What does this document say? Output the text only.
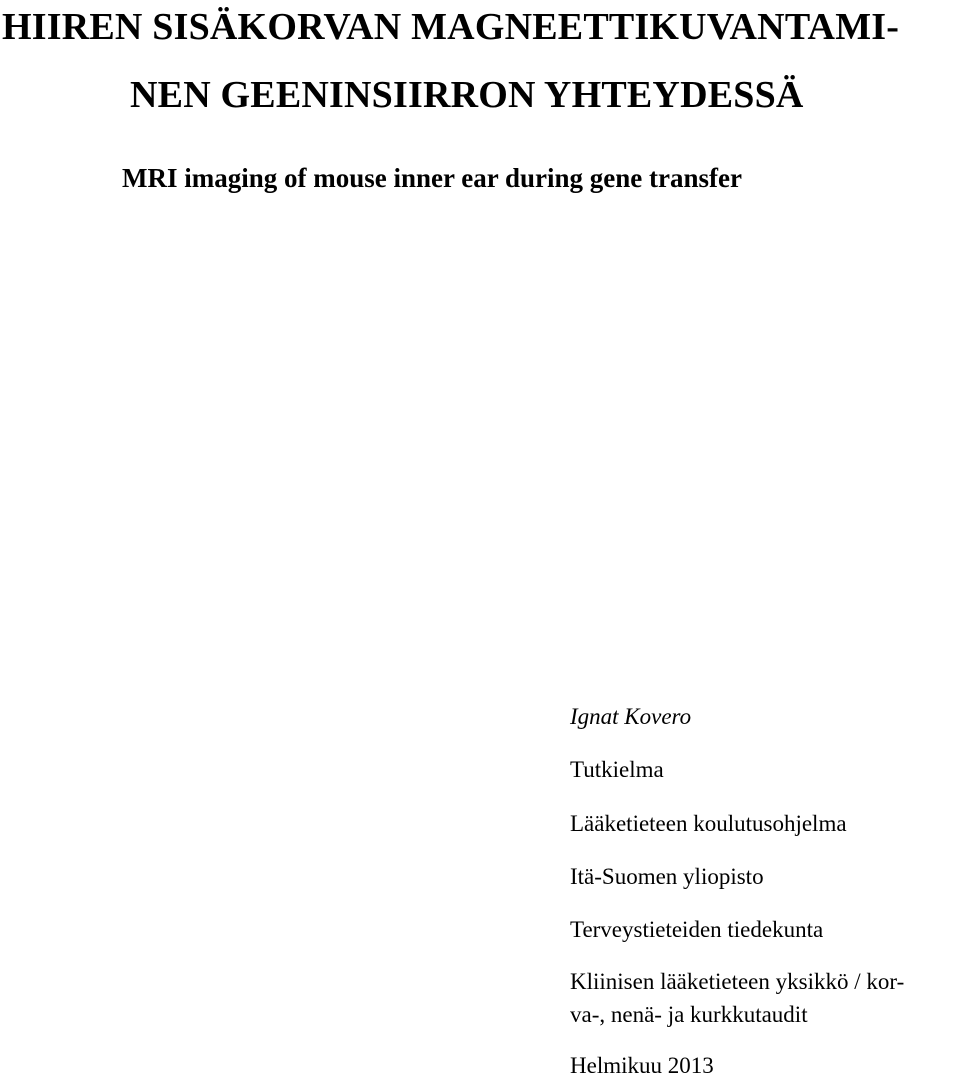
HIIREN SISÄKORVAN MAGNEETTIKUVANTAMI-
NEN GEENINSIIRRON YHTEYDESSÄ
MRI imaging of mouse inner ear during gene transfer
Ignat Kovero
Tutkielma
Lääketieteen koulutusohjelma
Itä-Suomen yliopisto
Terveystieteiden tiedekunta
Kliinisen lääketieteen yksikkö / kor-
va-, nenä- ja kurkkutaudit
Helmikuu 2013
